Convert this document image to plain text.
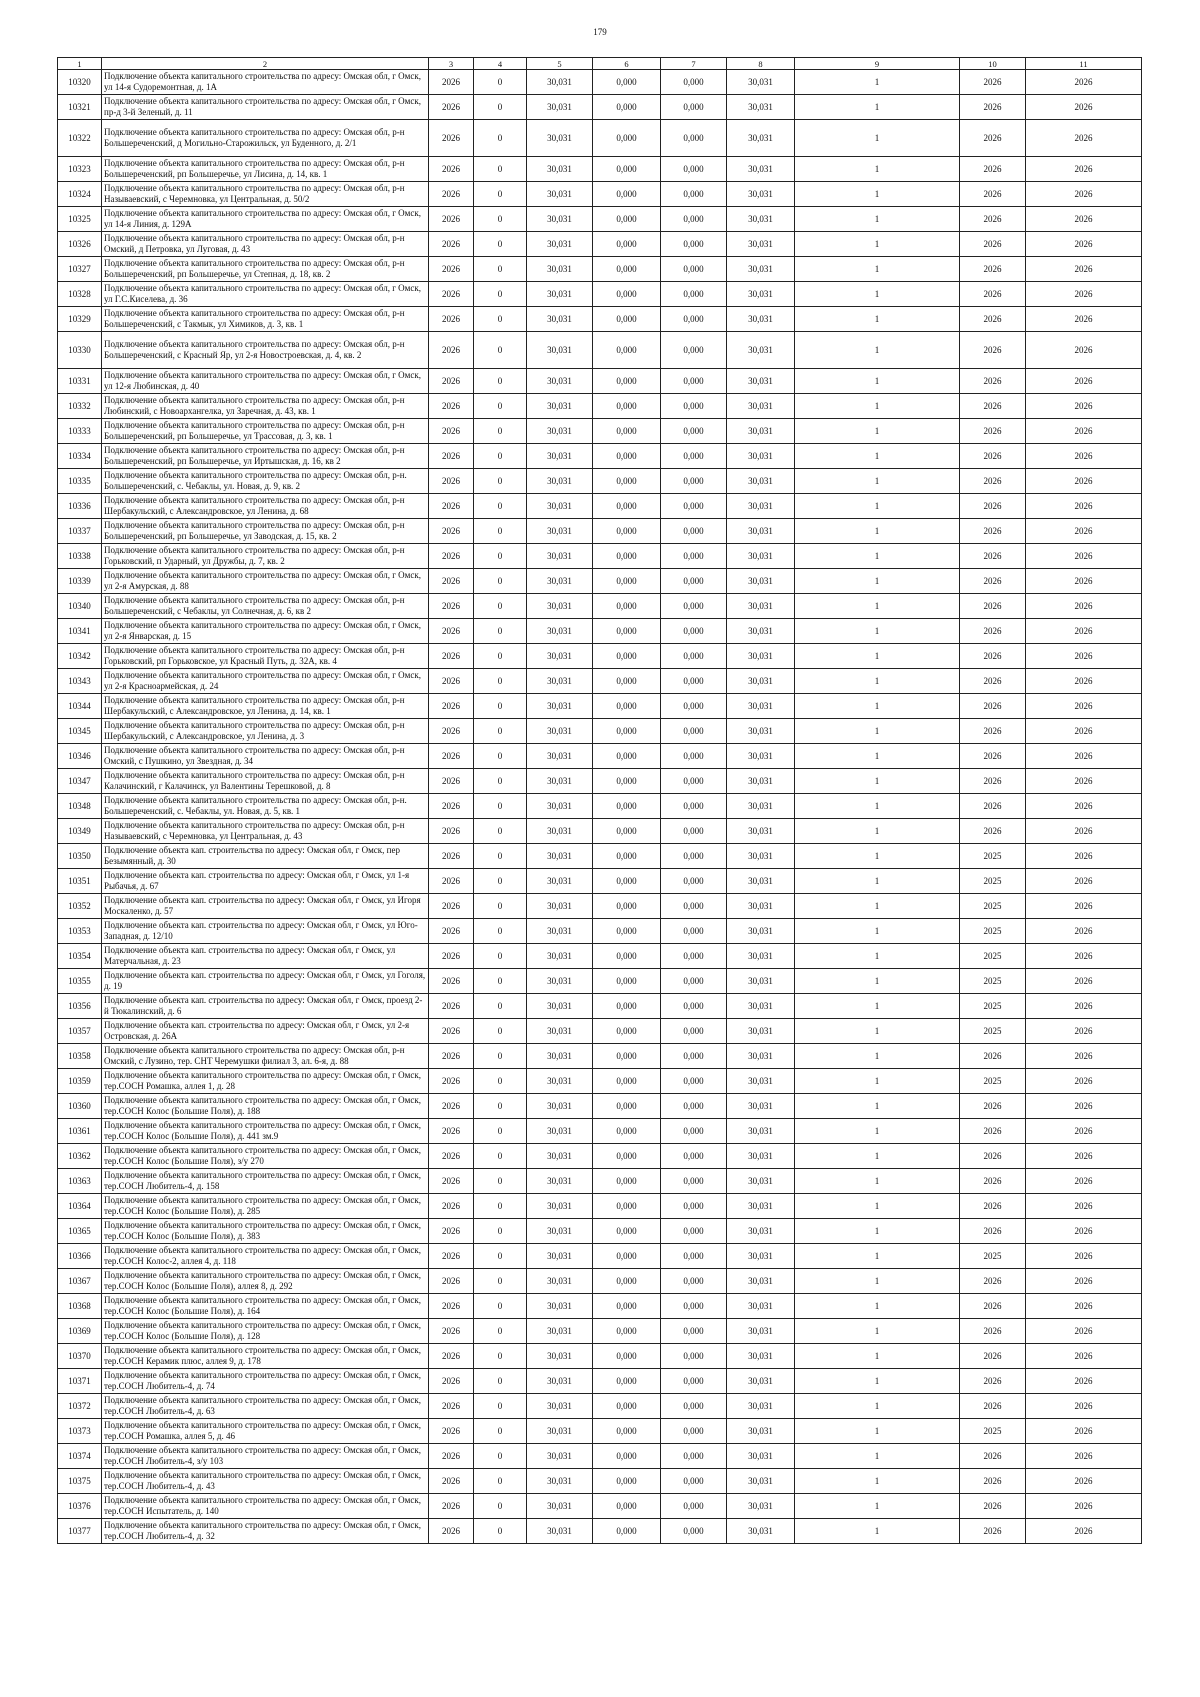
179
1	2	3	4	5	6	7	8	9	10	11
10320	Подключение объекта капитального строительства по адресу: Омская обл, г Омск, ул 14-я Судоремонтная, д. 1А	2026	0	30,031	0,000	0,000	30,031	1	2026	2026
10321	Подключение объекта капитального строительства по адресу: Омская обл, г Омск, пр-д 3-й Зеленый, д. 11	2026	0	30,031	0,000	0,000	30,031	1	2026	2026
10322	Подключение объекта капитального строительства по адресу: Омская обл, р-н Большереченский, д Могильно-Старожильск, ул Буденного, д. 2/1	2026	0	30,031	0,000	0,000	30,031	1	2026	2026
10323	Подключение объекта капитального строительства по адресу: Омская обл, р-н Большереченский, рп Большеречье, ул Лисина, д. 14, кв. 1	2026	0	30,031	0,000	0,000	30,031	1	2026	2026
10324	Подключение объекта капитального строительства по адресу: Омская обл, р-н Называевский, с Черемновка, ул Центральная, д. 50/2	2026	0	30,031	0,000	0,000	30,031	1	2026	2026
10325	Подключение объекта капитального строительства по адресу: Омская обл, г Омск, ул 14-я Линия, д. 129А	2026	0	30,031	0,000	0,000	30,031	1	2026	2026
10326	Подключение объекта капитального строительства по адресу: Омская обл, р-н Омский, д Петровка, ул Луговая, д. 43	2026	0	30,031	0,000	0,000	30,031	1	2026	2026
10327	Подключение объекта капитального строительства по адресу: Омская обл, р-н Большереченский, рп Большеречье, ул Степная, д. 18, кв. 2	2026	0	30,031	0,000	0,000	30,031	1	2026	2026
10328	Подключение объекта капитального строительства по адресу: Омская обл, г Омск, ул Г.С.Киселева, д. 36	2026	0	30,031	0,000	0,000	30,031	1	2026	2026
10329	Подключение объекта капитального строительства по адресу: Омская обл, р-н Большереченский, с Такмык, ул Химиков, д. 3, кв. 1	2026	0	30,031	0,000	0,000	30,031	1	2026	2026
10330	Подключение объекта капитального строительства по адресу: Омская обл, р-н Большереченский, с Красный Яр, ул 2-я Новостроевская, д. 4, кв. 2	2026	0	30,031	0,000	0,000	30,031	1	2026	2026
10331	Подключение объекта капитального строительства по адресу: Омская обл, г Омск, ул 12-я Любинская, д. 40	2026	0	30,031	0,000	0,000	30,031	1	2026	2026
10332	Подключение объекта капитального строительства по адресу: Омская обл, р-н Любинский, с Новоархангелка, ул Заречная, д. 43, кв. 1	2026	0	30,031	0,000	0,000	30,031	1	2026	2026
10333	Подключение объекта капитального строительства по адресу: Омская обл, р-н Большереченский, рп Большеречье, ул Трассовая, д. 3, кв. 1	2026	0	30,031	0,000	0,000	30,031	1	2026	2026
10334	Подключение объекта капитального строительства по адресу: Омская обл, р-н Большереченский, рп Большеречье, ул Иртышская, д. 16, кв 2	2026	0	30,031	0,000	0,000	30,031	1	2026	2026
10335	Подключение объекта капитального строительства по адресу: Омская обл, р-н. Большереченский, с. Чебаклы, ул. Новая, д. 9, кв. 2	2026	0	30,031	0,000	0,000	30,031	1	2026	2026
10336	Подключение объекта капитального строительства по адресу: Омская обл, р-н Шербакульский, с Александровское, ул Ленина, д. 68	2026	0	30,031	0,000	0,000	30,031	1	2026	2026
10337	Подключение объекта капитального строительства по адресу: Омская обл, р-н Большереченский, рп Большеречье, ул Заводская, д. 15, кв. 2	2026	0	30,031	0,000	0,000	30,031	1	2026	2026
10338	Подключение объекта капитального строительства по адресу: Омская обл, р-н Горьковский, п Ударный, ул Дружбы, д. 7, кв. 2	2026	0	30,031	0,000	0,000	30,031	1	2026	2026
10339	Подключение объекта капитального строительства по адресу: Омская обл, г Омск, ул 2-я Амурская, д. 88	2026	0	30,031	0,000	0,000	30,031	1	2026	2026
10340	Подключение объекта капитального строительства по адресу: Омская обл, р-н Большереченский, с Чебаклы, ул Солнечная, д. 6, кв 2	2026	0	30,031	0,000	0,000	30,031	1	2026	2026
10341	Подключение объекта капитального строительства по адресу: Омская обл, г Омск, ул 2-я Январская, д. 15	2026	0	30,031	0,000	0,000	30,031	1	2026	2026
10342	Подключение объекта капитального строительства по адресу: Омская обл, р-н Горьковский, рп Горьковское, ул Красный Путь, д. 32А, кв. 4	2026	0	30,031	0,000	0,000	30,031	1	2026	2026
10343	Подключение объекта капитального строительства по адресу: Омская обл, г Омск, ул 2-я Красноармейская, д. 24	2026	0	30,031	0,000	0,000	30,031	1	2026	2026
10344	Подключение объекта капитального строительства по адресу: Омская обл, р-н Шербакульский, с Александровское, ул Ленина, д. 14, кв. 1	2026	0	30,031	0,000	0,000	30,031	1	2026	2026
10345	Подключение объекта капитального строительства по адресу: Омская обл, р-н Шербакульский, с Александровское, ул Ленина, д. 3	2026	0	30,031	0,000	0,000	30,031	1	2026	2026
10346	Подключение объекта капитального строительства по адресу: Омская обл, р-н Омский, с Пушкино, ул Звездная, д. 34	2026	0	30,031	0,000	0,000	30,031	1	2026	2026
10347	Подключение объекта капитального строительства по адресу: Омская обл, р-н Калачинский, г Калачинск, ул Валентины Терешковой, д. 8	2026	0	30,031	0,000	0,000	30,031	1	2026	2026
10348	Подключение объекта капитального строительства по адресу: Омская обл, р-н. Большереченский, с. Чебаклы, ул. Новая, д. 5, кв. 1	2026	0	30,031	0,000	0,000	30,031	1	2026	2026
10349	Подключение объекта капитального строительства по адресу: Омская обл, р-н Называевский, с Черемновка, ул Центральная, д. 43	2026	0	30,031	0,000	0,000	30,031	1	2026	2026
10350	Подключение объекта кап. строительства по адресу: Омская обл, г Омск, пер Безымянный, д. 30	2026	0	30,031	0,000	0,000	30,031	1	2025	2026
10351	Подключение объекта кап. строительства по адресу: Омская обл, г Омск, ул 1-я Рыбачья, д. 67	2026	0	30,031	0,000	0,000	30,031	1	2025	2026
10352	Подключение объекта кап. строительства по адресу: Омская обл, г Омск, ул Игоря Москаленко, д. 57	2026	0	30,031	0,000	0,000	30,031	1	2025	2026
10353	Подключение объекта кап. строительства по адресу: Омская обл, г Омск, ул Юго-Западная, д. 12/10	2026	0	30,031	0,000	0,000	30,031	1	2025	2026
10354	Подключение объекта кап. строительства по адресу: Омская обл, г Омск, ул Матерчальная, д. 23	2026	0	30,031	0,000	0,000	30,031	1	2025	2026
10355	Подключение объекта кап. строительства по адресу: Омская обл, г Омск, ул Гоголя, д. 19	2026	0	30,031	0,000	0,000	30,031	1	2025	2026
10356	Подключение объекта кап. строительства по адресу: Омская обл, г Омск, проезд 2-й Тюкалинский, д. 6	2026	0	30,031	0,000	0,000	30,031	1	2025	2026
10357	Подключение объекта кап. строительства по адресу: Омская обл, г Омск, ул 2-я Островская, д. 26А	2026	0	30,031	0,000	0,000	30,031	1	2025	2026
10358	Подключение объекта капитального строительства по адресу: Омская обл, р-н Омский, с Лузино, тер. СНТ Черемушки филиал 3, ал. 6-я, д. 88	2026	0	30,031	0,000	0,000	30,031	1	2026	2026
10359	Подключение объекта капитального строительства по адресу: Омская обл, г Омск, тер.СОСН Ромашка, аллея 1, д. 28	2026	0	30,031	0,000	0,000	30,031	1	2025	2026
10360	Подключение объекта капитального строительства по адресу: Омская обл, г Омск, тер.СОСН Колос (Большие Поля), д. 188	2026	0	30,031	0,000	0,000	30,031	1	2026	2026
10361	Подключение объекта капитального строительства по адресу: Омская обл, г Омск, тер.СОСН Колос (Большие Поля), д. 441 зм.9	2026	0	30,031	0,000	0,000	30,031	1	2026	2026
10362	Подключение объекта капитального строительства по адресу: Омская обл, г Омск, тер.СОСН Колос (Большие Поля), з/у 270	2026	0	30,031	0,000	0,000	30,031	1	2026	2026
10363	Подключение объекта капитального строительства по адресу: Омская обл, г Омск, тер.СОСН Любитель-4, д. 158	2026	0	30,031	0,000	0,000	30,031	1	2026	2026
10364	Подключение объекта капитального строительства по адресу: Омская обл, г Омск, тер.СОСН Колос (Большие Поля), д. 285	2026	0	30,031	0,000	0,000	30,031	1	2026	2026
10365	Подключение объекта капитального строительства по адресу: Омская обл, г Омск, тер.СОСН Колос (Большие Поля), д. 383	2026	0	30,031	0,000	0,000	30,031	1	2026	2026
10366	Подключение объекта капитального строительства по адресу: Омская обл, г Омск, тер.СОСН Колос-2, аллея 4, д. 118	2026	0	30,031	0,000	0,000	30,031	1	2025	2026
10367	Подключение объекта капитального строительства по адресу: Омская обл, г Омск, тер.СОСН Колос (Большие Поля), аллея 8, д. 292	2026	0	30,031	0,000	0,000	30,031	1	2026	2026
10368	Подключение объекта капитального строительства по адресу: Омская обл, г Омск, тер.СОСН Колос (Большие Поля), д. 164	2026	0	30,031	0,000	0,000	30,031	1	2026	2026
10369	Подключение объекта капитального строительства по адресу: Омская обл, г Омск, тер.СОСН Колос (Большие Поля), д. 128	2026	0	30,031	0,000	0,000	30,031	1	2026	2026
10370	Подключение объекта капитального строительства по адресу: Омская обл, г Омск, тер.СОСН Керамик плюс, аллея 9, д. 178	2026	0	30,031	0,000	0,000	30,031	1	2026	2026
10371	Подключение объекта капитального строительства по адресу: Омская обл, г Омск, тер.СОСН Любитель-4, д. 74	2026	0	30,031	0,000	0,000	30,031	1	2026	2026
10372	Подключение объекта капитального строительства по адресу: Омская обл, г Омск, тер.СОСН Любитель-4, д. 63	2026	0	30,031	0,000	0,000	30,031	1	2026	2026
10373	Подключение объекта капитального строительства по адресу: Омская обл, г Омск, тер.СОСН Ромашка, аллея 5, д. 46	2026	0	30,031	0,000	0,000	30,031	1	2025	2026
10374	Подключение объекта капитального строительства по адресу: Омская обл, г Омск, тер.СОСН Любитель-4, з/у 103	2026	0	30,031	0,000	0,000	30,031	1	2026	2026
10375	Подключение объекта капитального строительства по адресу: Омская обл, г Омск, тер.СОСН Любитель-4, д. 43	2026	0	30,031	0,000	0,000	30,031	1	2026	2026
10376	Подключение объекта капитального строительства по адресу: Омская обл, г Омск, тер.СОСН Испытатель, д. 140	2026	0	30,031	0,000	0,000	30,031	1	2026	2026
10377	Подключение объекта капитального строительства по адресу: Омская обл, г Омск, тер.СОСН Любитель-4, д. 32	2026	0	30,031	0,000	0,000	30,031	1	2026	2026
